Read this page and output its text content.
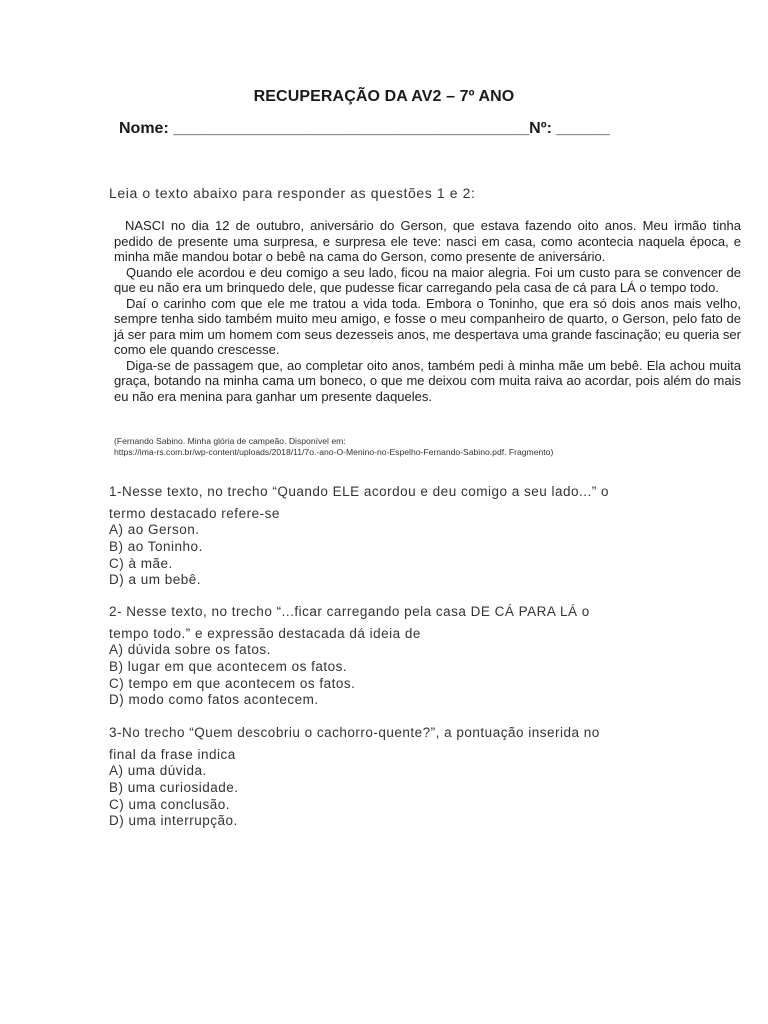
RECUPERAÇÃO DA AV2 – 7º ANO
Nome: ________________________________________Nº: ______
Leia o texto abaixo para responder as questões 1 e 2:

NASCI no dia 12 de outubro, aniversário do Gerson, que estava fazendo oito anos. Meu irmão tinha pedido de presente uma surpresa, e surpresa ele teve: nasci em casa, como acontecia naquela época, e minha mãe mandou botar o bebê na cama do Gerson, como presente de aniversário.

Quando ele acordou e deu comigo a seu lado, ficou na maior alegria. Foi um custo para se convencer de que eu não era um brinquedo dele, que pudesse ficar carregando pela casa de cá para LÁ o tempo todo.

Daí o carinho com que ele me tratou a vida toda. Embora o Toninho, que era só dois anos mais velho, sempre tenha sido também muito meu amigo, e fosse o meu companheiro de quarto, o Gerson, pelo fato de já ser para mim um homem com seus dezesseis anos, me despertava uma grande fascinação; eu queria ser como ele quando crescesse.

Diga-se de passagem que, ao completar oito anos, também pedi à minha mãe um bebê. Ela achou muita graça, botando na minha cama um boneco, o que me deixou com muita raiva ao acordar, pois além do mais eu não era menina para ganhar um presente daqueles.

(Fernando Sabino. Minha glória de campeão. Disponível em:
https://ima-rs.com.br/wp-content/uploads/2018/11/7o.-ano-O-Menino-no-Espelho-Fernando-Sabino.pdf. Fragmento)
1-Nesse texto, no trecho “Quando ELE acordou e deu comigo a seu lado...” o
termo destacado refere-se
A) ao Gerson.
B) ao Toninho.
C) à mãe.
D) a um bebê.
2- Nesse texto, no trecho “...ficar carregando pela casa DE CÁ PARA LÁ o
tempo todo.” e expressão destacada dá ideia de
A) dúvida sobre os fatos.
B) lugar em que acontecem os fatos.
C) tempo em que acontecem os fatos.
D) modo como fatos acontecem.
3-No trecho “Quem descobriu o cachorro-quente?”, a pontuação inserida no
final da frase indica
A) uma dúvida.
B) uma curiosidade.
C) uma conclusão.
D) uma interrupção.
